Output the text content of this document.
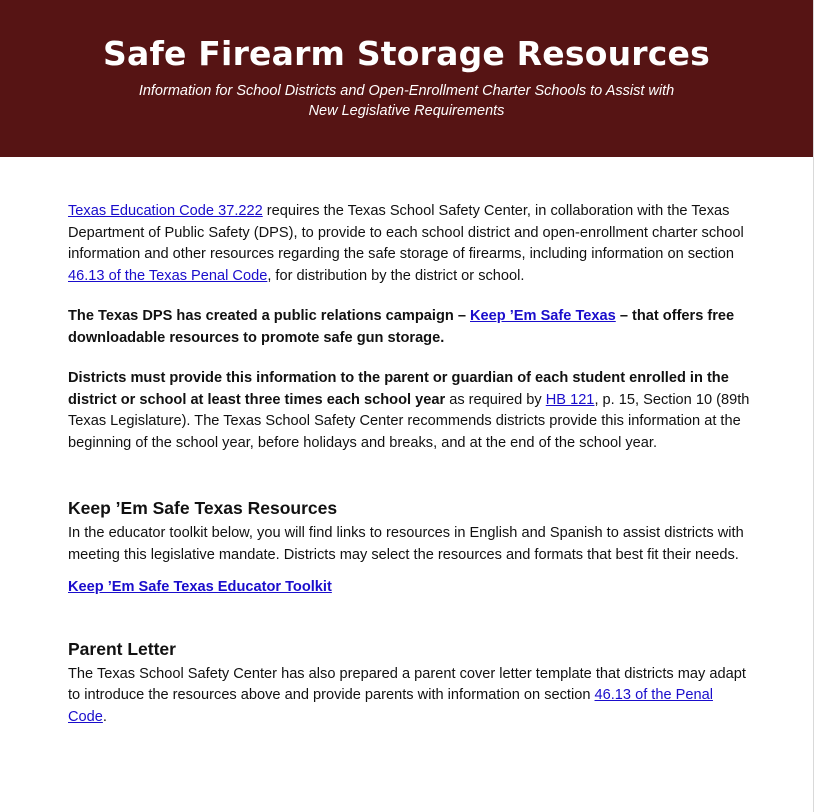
Safe Firearm Storage Resources
Information for School Districts and Open-Enrollment Charter Schools to Assist with New Legislative Requirements

Texas Education Code 37.222 requires the Texas School Safety Center, in collaboration with the Texas Department of Public Safety (DPS), to provide to each school district and open-enrollment charter school information and other resources regarding the safe storage of firearms, including information on section 46.13 of the Texas Penal Code, for distribution by the district or school.

The Texas DPS has created a public relations campaign – Keep ’Em Safe Texas – that offers free downloadable resources to promote safe gun storage.

Districts must provide this information to the parent or guardian of each student enrolled in the district or school at least three times each school year as required by HB 121, p. 15, Section 10 (89th Texas Legislature). The Texas School Safety Center recommends districts provide this information at the beginning of the school year, before holidays and breaks, and at the end of the school year.

Keep ’Em Safe Texas Resources

In the educator toolkit below, you will find links to resources in English and Spanish to assist districts with meeting this legislative mandate. Districts may select the resources and formats that best fit their needs.

Keep ’Em Safe Texas Educator Toolkit

Parent Letter

The Texas School Safety Center has also prepared a parent cover letter template that districts may adapt to introduce the resources above and provide parents with information on section 46.13 of the Penal Code.
